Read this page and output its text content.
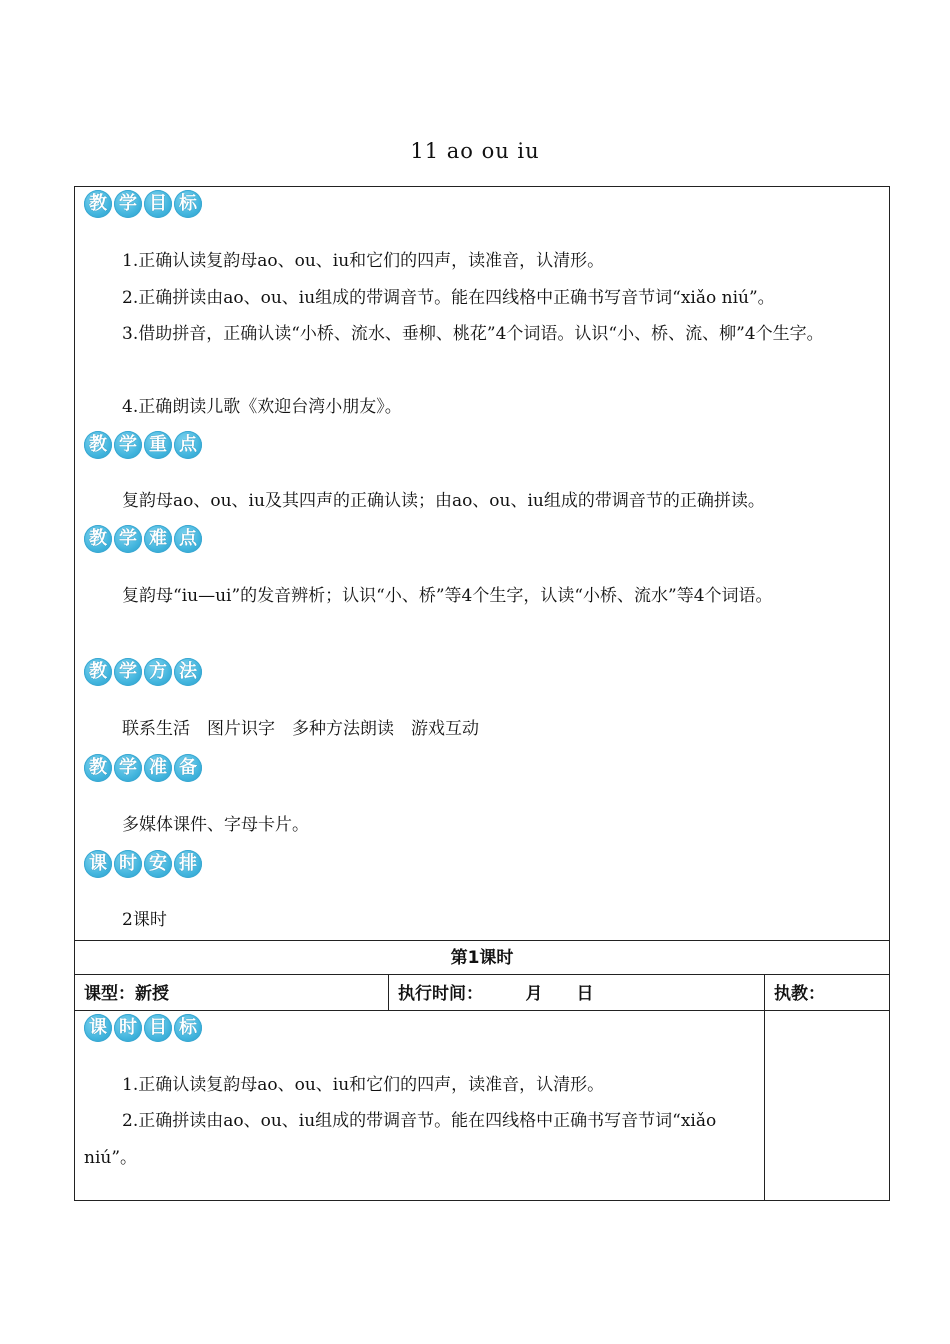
11 ao ou iu
教 学 目 标
1.正确认读复韵母ao、ou、iu和它们的四声，读准音，认清形。
2.正确拼读由ao、ou、iu组成的带调音节。能在四线格中正确书写音节词“xiǎo niú”。
3.借助拼音，正确认读“小桥、流水、垂柳、桃花”4个词语。认识“小、桥、流、柳”4个生字。
4.正确朗读儿歌《欢迎台湾小朋友》。
教 学 重 点
复韵母ao、ou、iu及其四声的正确认读；由ao、ou、iu组成的带调音节的正确拼读。
教 学 难 点
复韵母“iu—ui”的发音辨析；认识“小、桥”等4个生字，认读“小桥、流水”等4个词语。
教 学 方 法
联系生活　图片识字　多种方法朗读　游戏互动
教 学 准 备
多媒体课件、字母卡片。
课 时 安 排
2课时
第1课时
课型：新授	执行时间：　　　月　　日	执教：
课 时 目 标
1.正确认读复韵母ao、ou、iu和它们的四声，读准音，认清形。
2.正确拼读由ao、ou、iu组成的带调音节。能在四线格中正确书写音节词“xiǎo niú”。
